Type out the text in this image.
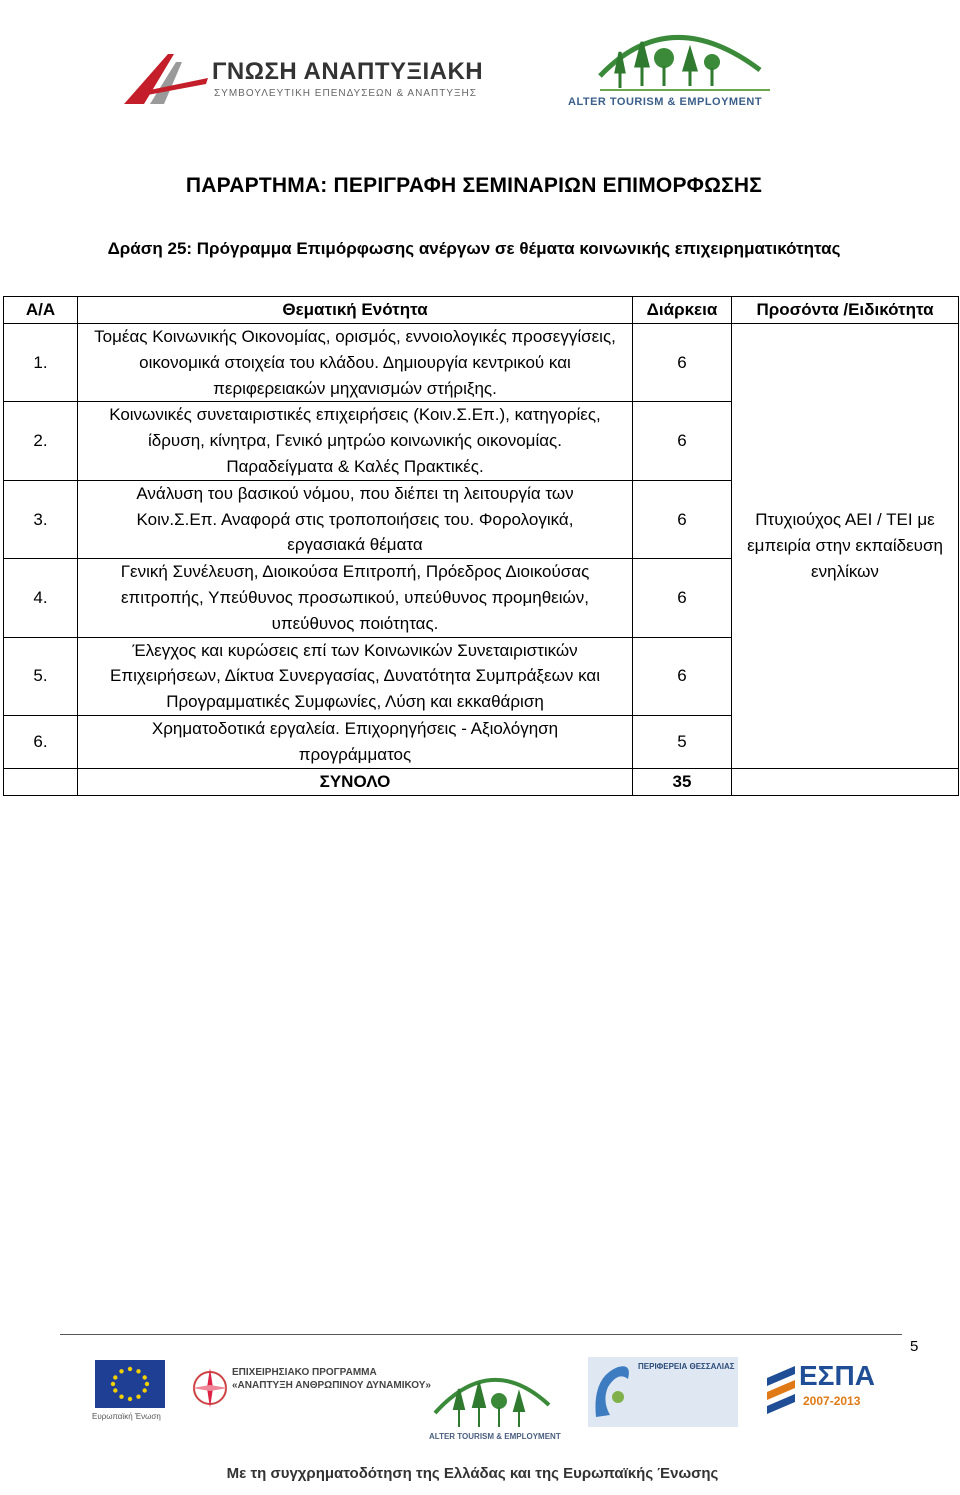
ΓΝΩΣΗ ΑΝΑΠΤΥΞΙΑΚΗ
ΣΥΜΒΟΥΛΕΥΤΙΚΗ ΕΠΕΝΔΥΣΕΩΝ & ΑΝΑΠΤΥΞΗΣ
ALTER TOURISM & EMPLOYMENT
ΠΑΡΑΡΤΗΜΑ: ΠΕΡΙΓΡΑΦΗ ΣΕΜΙΝΑΡΙΩΝ ΕΠΙΜΟΡΦΩΣΗΣ
Δράση 25: Πρόγραμμα Επιμόρφωσης ανέργων σε θέματα κοινωνικής επιχειρηματικότητας
Α/Α	Θεματική Ενότητα	Διάρκεια	Προσόντα /Ειδικότητα
1.	Τομέας Κοινωνικής Οικονομίας, ορισμός, εννοιολογικές προσεγγίσεις, οικονομικά στοιχεία του κλάδου. Δημιουργία κεντρικού και περιφερειακών μηχανισμών στήριξης.	6	Πτυχιούχος ΑΕΙ / ΤΕΙ με εμπειρία στην εκπαίδευση ενηλίκων
2.	Κοινωνικές συνεταιριστικές επιχειρήσεις (Κοιν.Σ.Επ.), κατηγορίες, ίδρυση, κίνητρα, Γενικό μητρώο κοινωνικής οικονομίας. Παραδείγματα & Καλές Πρακτικές.	6	
3.	Ανάλυση του βασικού νόμου, που διέπει τη λειτουργία των Κοιν.Σ.Επ. Αναφορά στις τροποποιήσεις του. Φορολογικά, εργασιακά θέματα	6	
4.	Γενική Συνέλευση, Διοικούσα Επιτροπή, Πρόεδρος Διοικούσας επιτροπής, Υπεύθυνος προσωπικού, υπεύθυνος προμηθειών, υπεύθυνος ποιότητας.	6	
5.	Έλεγχος και κυρώσεις επί των Κοινωνικών Συνεταιριστικών Επιχειρήσεων, Δίκτυα Συνεργασίας, Δυνατότητα Συμπράξεων και Προγραμματικές Συμφωνίες, Λύση και εκκαθάριση	6	
6.	Χρηματοδοτικά εργαλεία. Επιχορηγήσεις - Αξιολόγηση προγράμματος	5	
	ΣΥΝΟΛΟ	35	
5
Ευρωπαϊκή Ένωση
ΕΠΙΧΕΙΡΗΣΙΑΚΟ ΠΡΟΓΡΑΜΜΑ
«ΑΝΑΠΤΥΞΗ ΑΝΘΡΩΠΙΝΟΥ ΔΥΝΑΜΙΚΟΥ»
ALTER TOURISM & EMPLOYMENT
ΠΕΡΙΦΕΡΕΙΑ ΘΕΣΣΑΛΙΑΣ ΕΣΠΑ
2007-2013
Με τη συγχρηματοδότηση της Ελλάδας και της Ευρωπαϊκής Ένωσης
